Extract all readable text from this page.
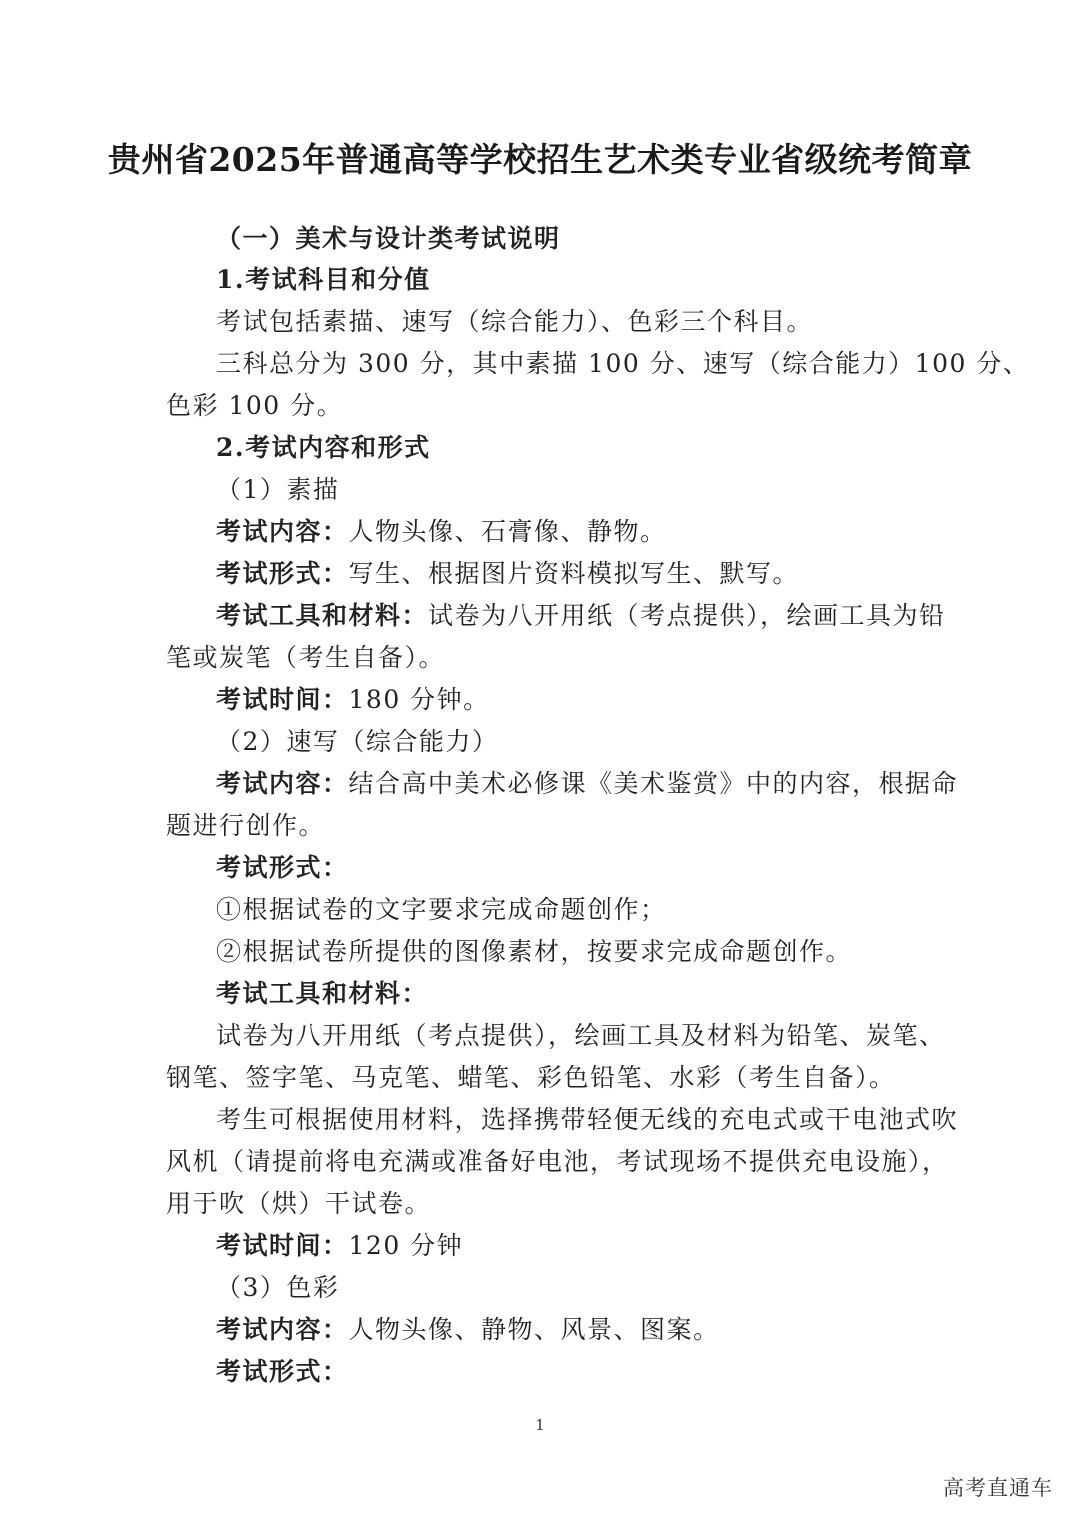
贵州省2025年普通高等学校招生艺术类专业省级统考简章
（一）美术与设计类考试说明
1.考试科目和分值
考试包括素描、速写（综合能力）、色彩三个科目。
三科总分为 300 分，其中素描 100 分、速写（综合能力）100 分、
色彩 100 分。
2.考试内容和形式
（1）素描
考试内容：人物头像、石膏像、静物。
考试形式：写生、根据图片资料模拟写生、默写。
考试工具和材料：试卷为八开用纸（考点提供），绘画工具为铅
笔或炭笔（考生自备）。
考试时间：180 分钟。
（2）速写（综合能力）
考试内容：结合高中美术必修课《美术鉴赏》中的内容，根据命
题进行创作。
考试形式：
①根据试卷的文字要求完成命题创作；
②根据试卷所提供的图像素材，按要求完成命题创作。
考试工具和材料：
试卷为八开用纸（考点提供），绘画工具及材料为铅笔、炭笔、
钢笔、签字笔、马克笔、蜡笔、彩色铅笔、水彩（考生自备）。
考生可根据使用材料，选择携带轻便无线的充电式或干电池式吹
风机（请提前将电充满或准备好电池，考试现场不提供充电设施），
用于吹（烘）干试卷。
考试时间：120 分钟
（3）色彩
考试内容：人物头像、静物、风景、图案。
考试形式：
1
高考直通车
